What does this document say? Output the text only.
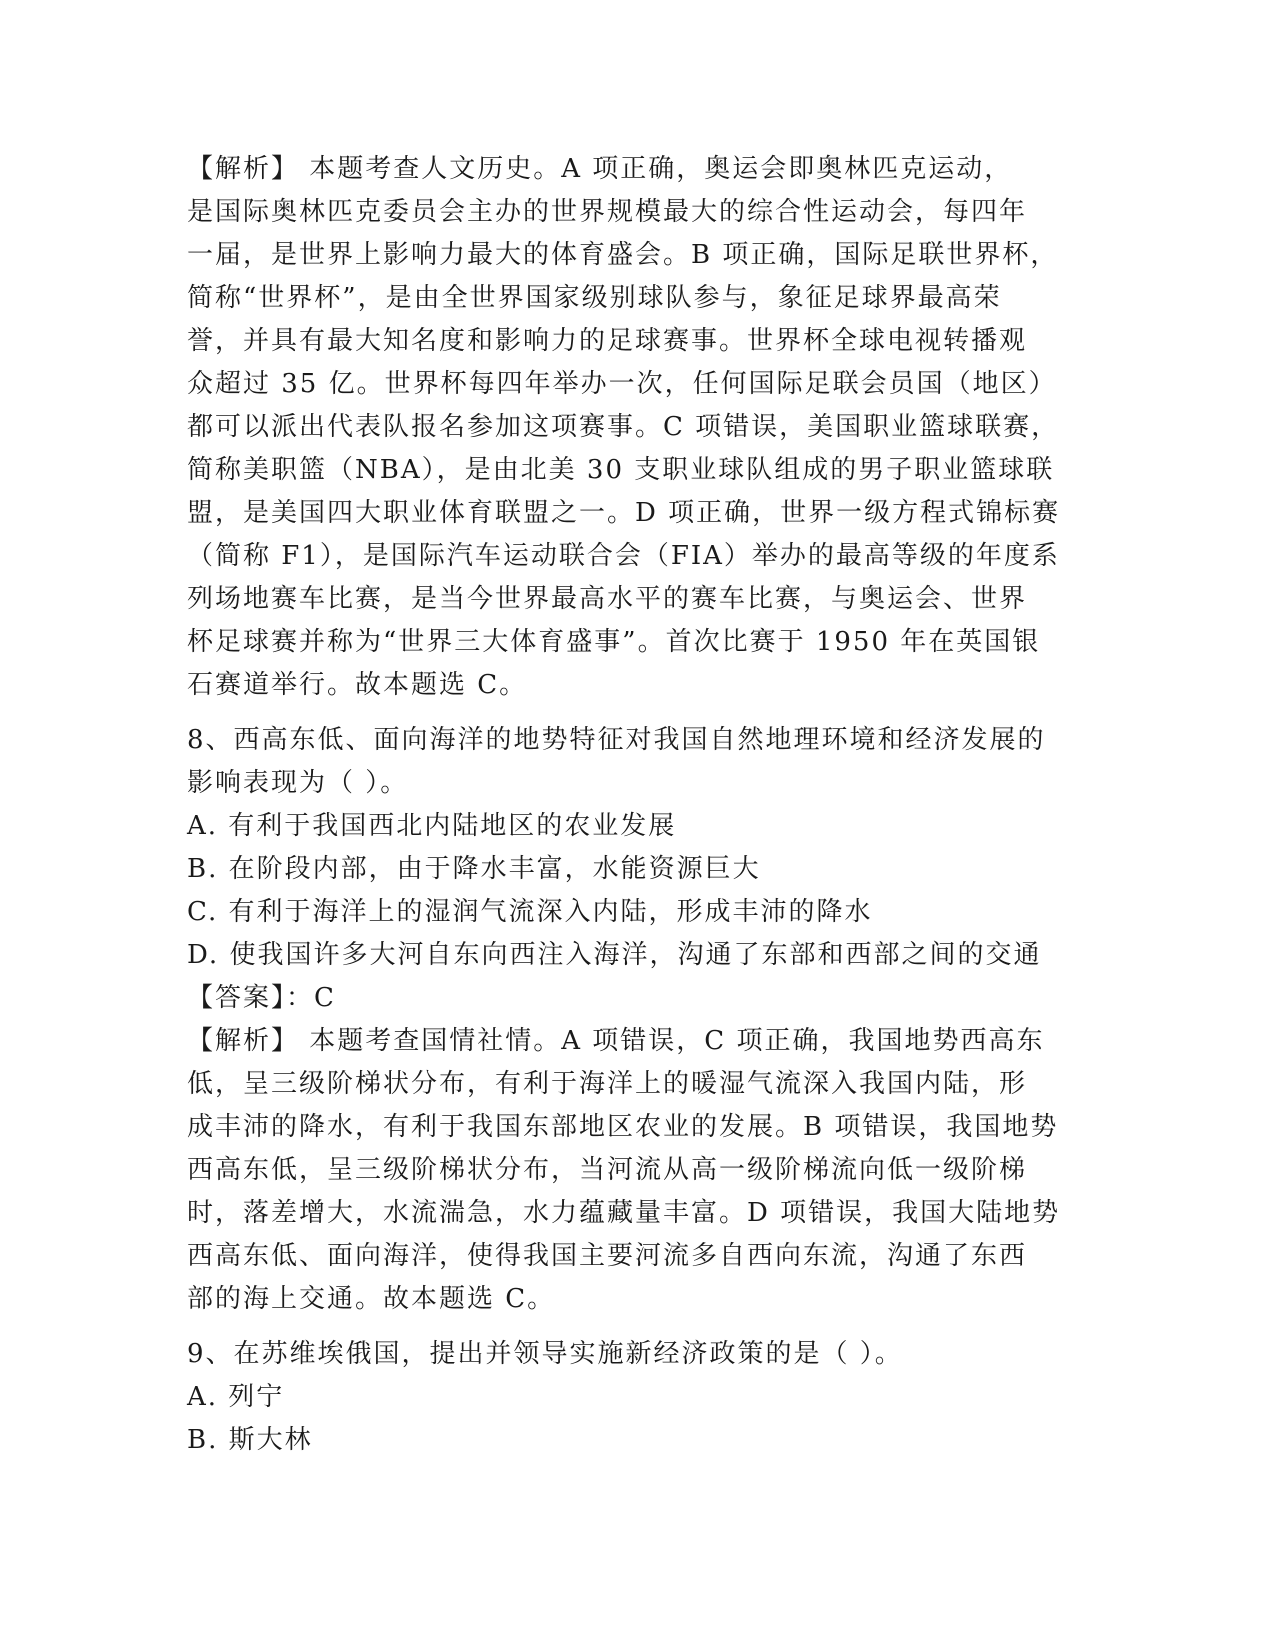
【解析】 本题考查人文历史。A 项正确，奥运会即奥林匹克运动，
是国际奥林匹克委员会主办的世界规模最大的综合性运动会，每四年
一届，是世界上影响力最大的体育盛会。B 项正确，国际足联世界杯，
简称“世界杯”，是由全世界国家级别球队参与，象征足球界最高荣
誉，并具有最大知名度和影响力的足球赛事。世界杯全球电视转播观
众超过 35 亿。世界杯每四年举办一次，任何国际足联会员国（地区）
都可以派出代表队报名参加这项赛事。C 项错误，美国职业篮球联赛，
简称美职篮（NBA），是由北美 30 支职业球队组成的男子职业篮球联
盟，是美国四大职业体育联盟之一。D 项正确，世界一级方程式锦标赛
（简称 F1），是国际汽车运动联合会（FIA）举办的最高等级的年度系
列场地赛车比赛，是当今世界最高水平的赛车比赛，与奥运会、世界
杯足球赛并称为“世界三大体育盛事”。首次比赛于 1950 年在英国银
石赛道举行。故本题选 C。
8、西高东低、面向海洋的地势特征对我国自然地理环境和经济发展的
影响表现为（ ）。
A. 有利于我国西北内陆地区的农业发展
B. 在阶段内部，由于降水丰富，水能资源巨大
C. 有利于海洋上的湿润气流深入内陆，形成丰沛的降水
D. 使我国许多大河自东向西注入海洋，沟通了东部和西部之间的交通
【答案】：C
【解析】 本题考查国情社情。A 项错误，C 项正确，我国地势西高东
低，呈三级阶梯状分布，有利于海洋上的暖湿气流深入我国内陆，形
成丰沛的降水，有利于我国东部地区农业的发展。B 项错误，我国地势
西高东低，呈三级阶梯状分布，当河流从高一级阶梯流向低一级阶梯
时，落差增大，水流湍急，水力蕴藏量丰富。D 项错误，我国大陆地势
西高东低、面向海洋，使得我国主要河流多自西向东流，沟通了东西
部的海上交通。故本题选 C。
9、在苏维埃俄国，提出并领导实施新经济政策的是（ ）。
A. 列宁
B. 斯大林
